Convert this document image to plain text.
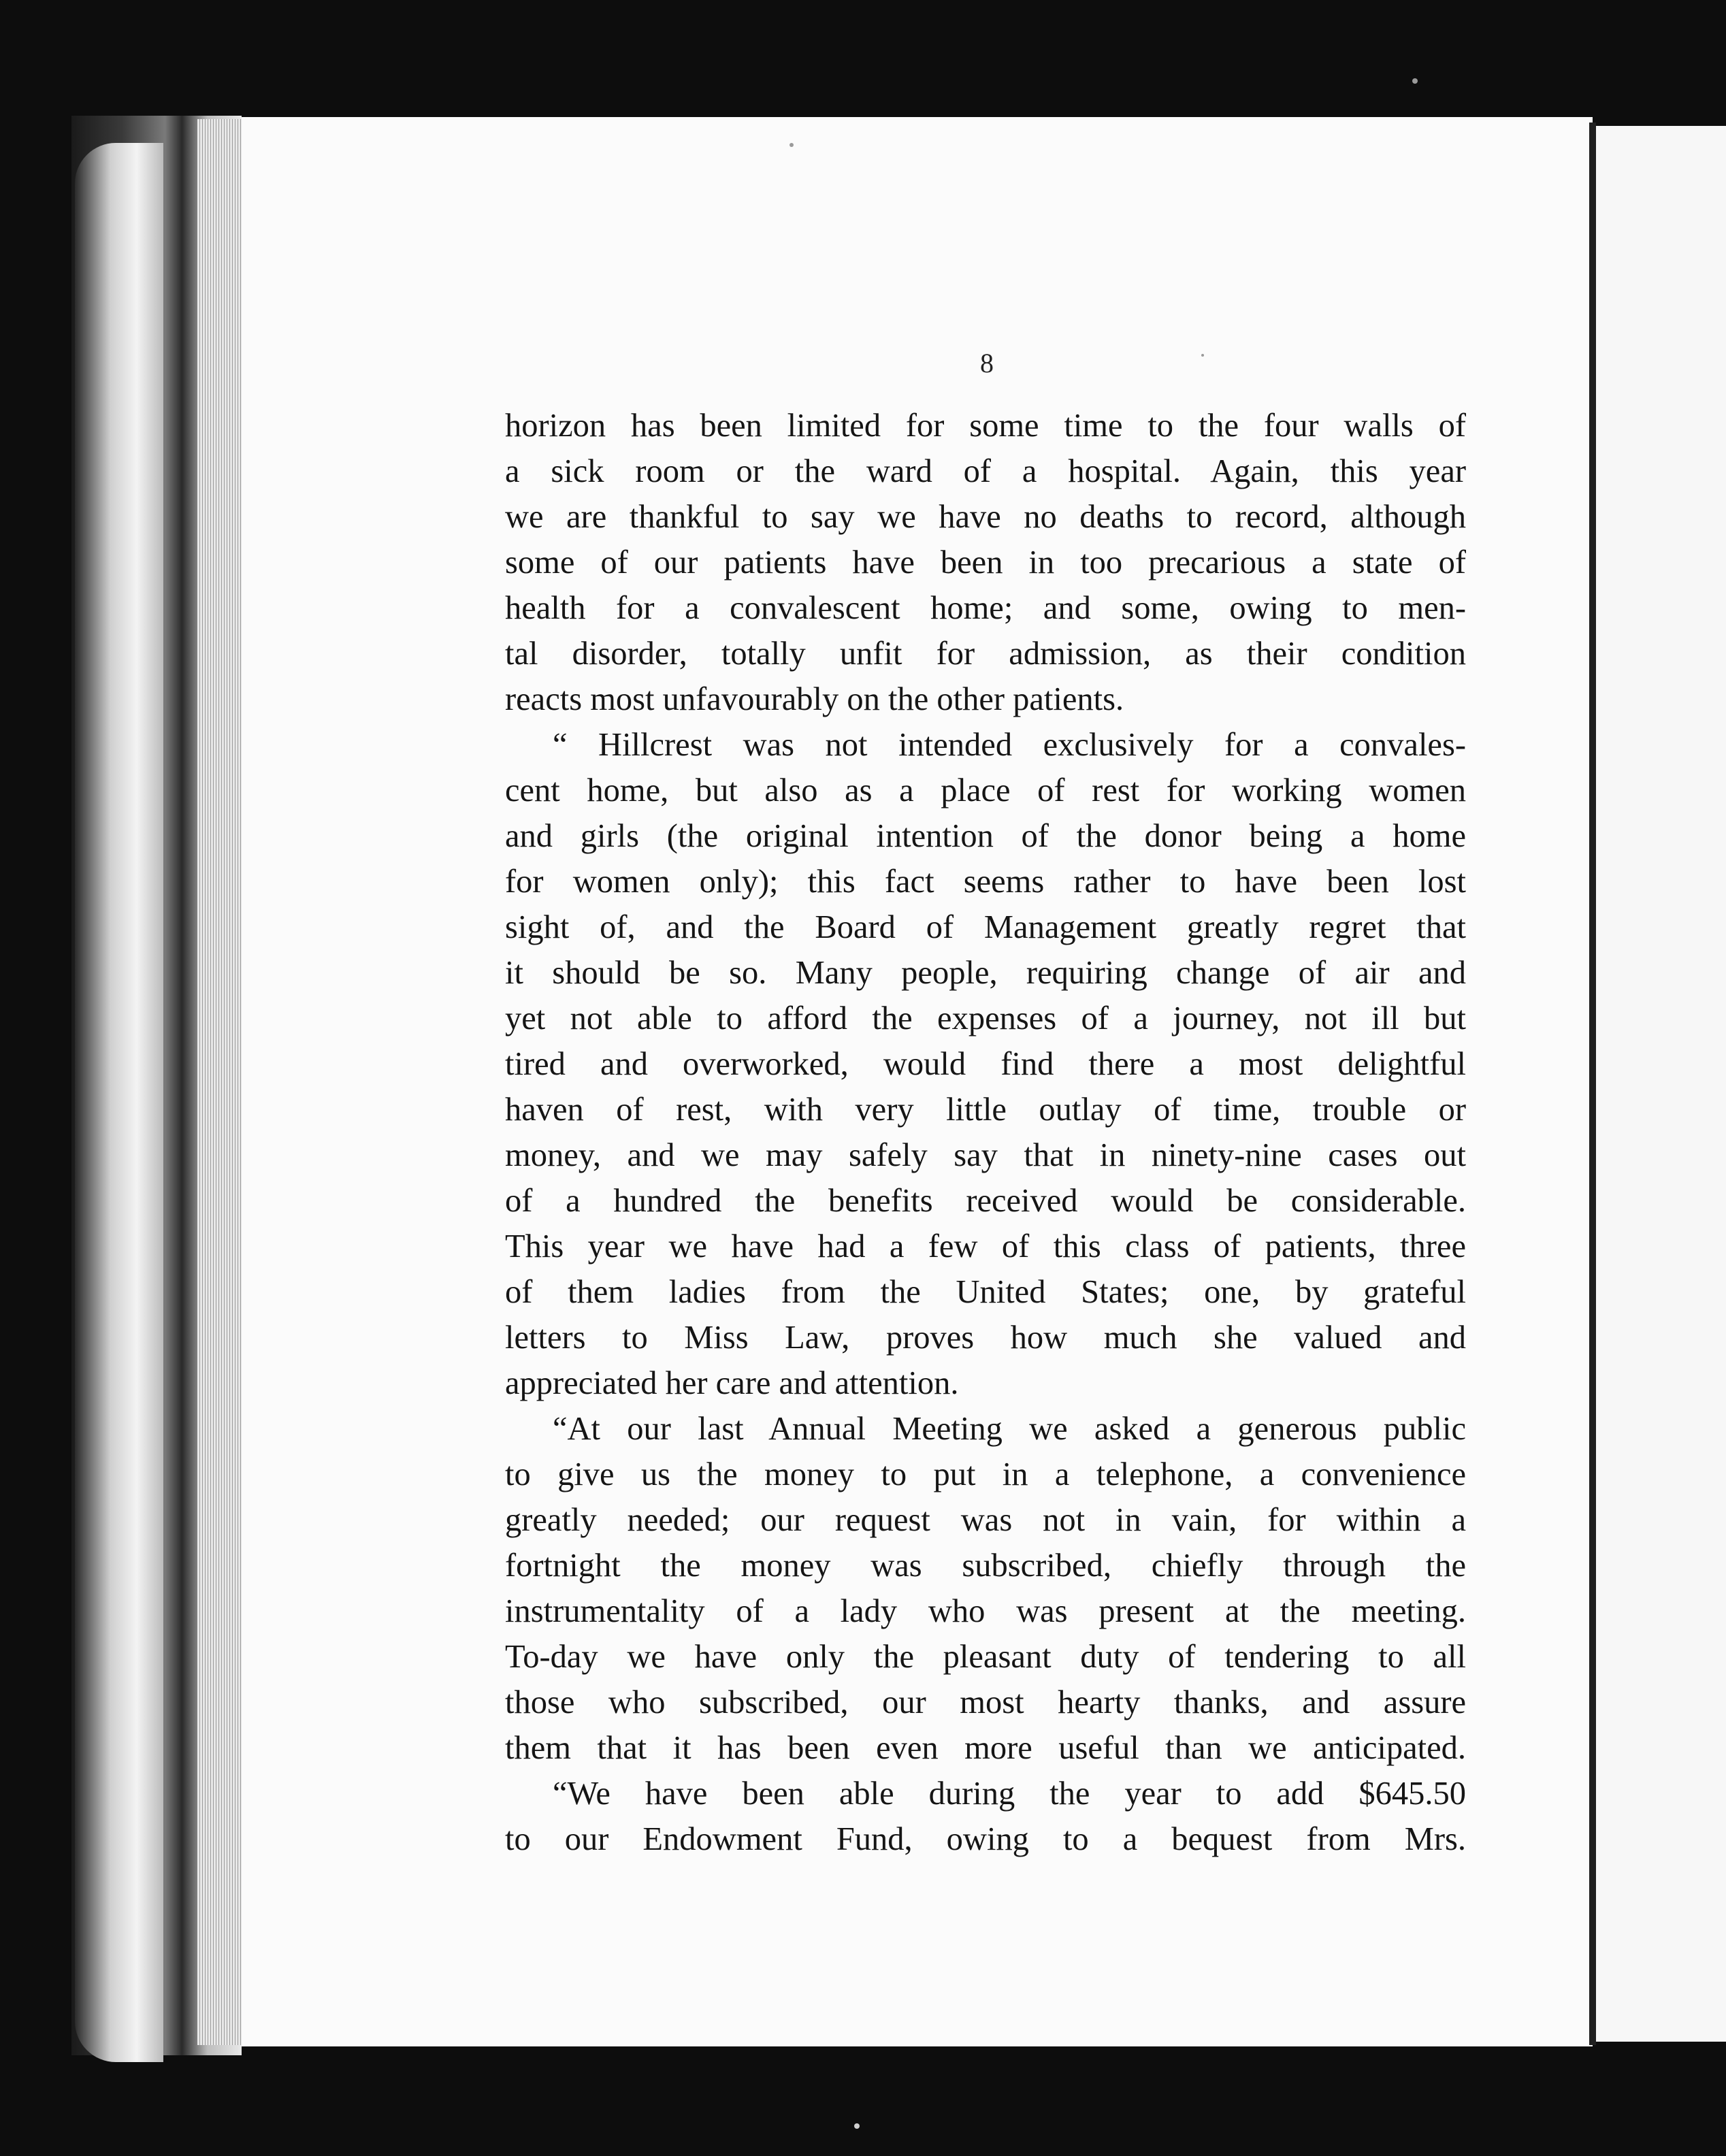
8
horizon has been limited for some time to the four walls of
a sick room or the ward of a hospital. Again, this year
we are thankful to say we have no deaths to record, although
some of our patients have been in too precarious a state of
health for a convalescent home; and some, owing to men-
tal disorder, totally unfit for admission, as their condition
reacts most unfavourably on the other patients.
“ Hillcrest was not intended exclusively for a convales-
cent home, but also as a place of rest for working women
and girls (the original intention of the donor being a home
for women only); this fact seems rather to have been lost
sight of, and the Board of Management greatly regret that
it should be so. Many people, requiring change of air and
yet not able to afford the expenses of a journey, not ill but
tired and overworked, would find there a most delightful
haven of rest, with very little outlay of time, trouble or
money, and we may safely say that in ninety-nine cases out
of a hundred the benefits received would be considerable.
This year we have had a few of this class of patients, three
of them ladies from the United States; one, by grateful
letters to Miss Law, proves how much she valued and
appreciated her care and attention.
“At our last Annual Meeting we asked a generous public
to give us the money to put in a telephone, a convenience
greatly needed; our request was not in vain, for within a
fortnight the money was subscribed, chiefly through the
instrumentality of a lady who was present at the meeting.
To-day we have only the pleasant duty of tendering to all
those who subscribed, our most hearty thanks, and assure
them that it has been even more useful than we anticipated.
“We have been able during the year to add $645.50
to our Endowment Fund, owing to a bequest from Mrs.
